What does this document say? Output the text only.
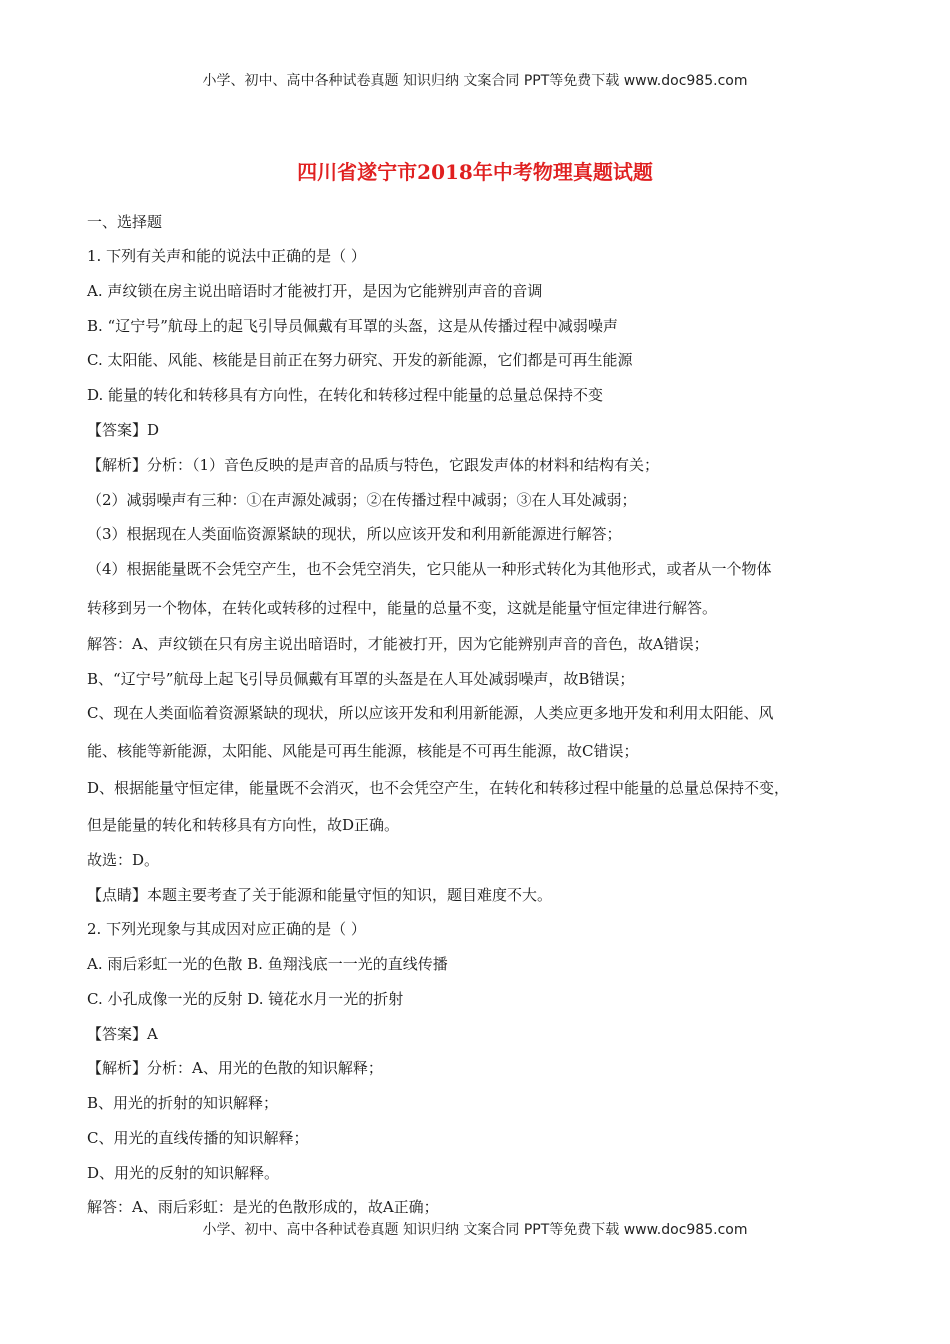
小学、初中、高中各种试卷真题 知识归纳 文案合同 PPT等免费下载 www.doc985.com
四川省遂宁市2018年中考物理真题试题
一、选择题
1. 下列有关声和能的说法中正确的是（ ）
A. 声纹锁在房主说出暗语时才能被打开，是因为它能辨别声音的音调
B. “辽宁号”航母上的起飞引导员佩戴有耳罩的头盔，这是从传播过程中减弱噪声
C. 太阳能、风能、核能是目前正在努力研究、开发的新能源，它们都是可再生能源
D. 能量的转化和转移具有方向性，在转化和转移过程中能量的总量总保持不变
【答案】D
【解析】分析：（1）音色反映的是声音的品质与特色，它跟发声体的材料和结构有关；
（2）减弱噪声有三种：①在声源处减弱；②在传播过程中减弱；③在人耳处减弱；
（3）根据现在人类面临资源紧缺的现状，所以应该开发和利用新能源进行解答；
（4）根据能量既不会凭空产生，也不会凭空消失，它只能从一种形式转化为其他形式，或者从一个物体
转移到另一个物体，在转化或转移的过程中，能量的总量不变，这就是能量守恒定律进行解答。
解答：A、声纹锁在只有房主说出暗语时，才能被打开，因为它能辨别声音的音色，故A错误；
B、“辽宁号”航母上起飞引导员佩戴有耳罩的头盔是在人耳处减弱噪声，故B错误；
C、现在人类面临着资源紧缺的现状，所以应该开发和利用新能源，人类应更多地开发和利用太阳能、风
能、核能等新能源，太阳能、风能是可再生能源，核能是不可再生能源，故C错误；
D、根据能量守恒定律，能量既不会消灭，也不会凭空产生，在转化和转移过程中能量的总量总保持不变，
但是能量的转化和转移具有方向性，故D正确。
故选：D。
【点睛】本题主要考查了关于能源和能量守恒的知识，题目难度不大。
2. 下列光现象与其成因对应正确的是（ ）
A. 雨后彩虹一光的色散 B. 鱼翔浅底一一光的直线传播
C. 小孔成像一光的反射 D. 镜花水月一光的折射
【答案】A
【解析】分析：A、用光的色散的知识解释；
B、用光的折射的知识解释；
C、用光的直线传播的知识解释；
D、用光的反射的知识解释。
解答：A、雨后彩虹：是光的色散形成的，故A正确；
小学、初中、高中各种试卷真题 知识归纳 文案合同 PPT等免费下载 www.doc985.com
